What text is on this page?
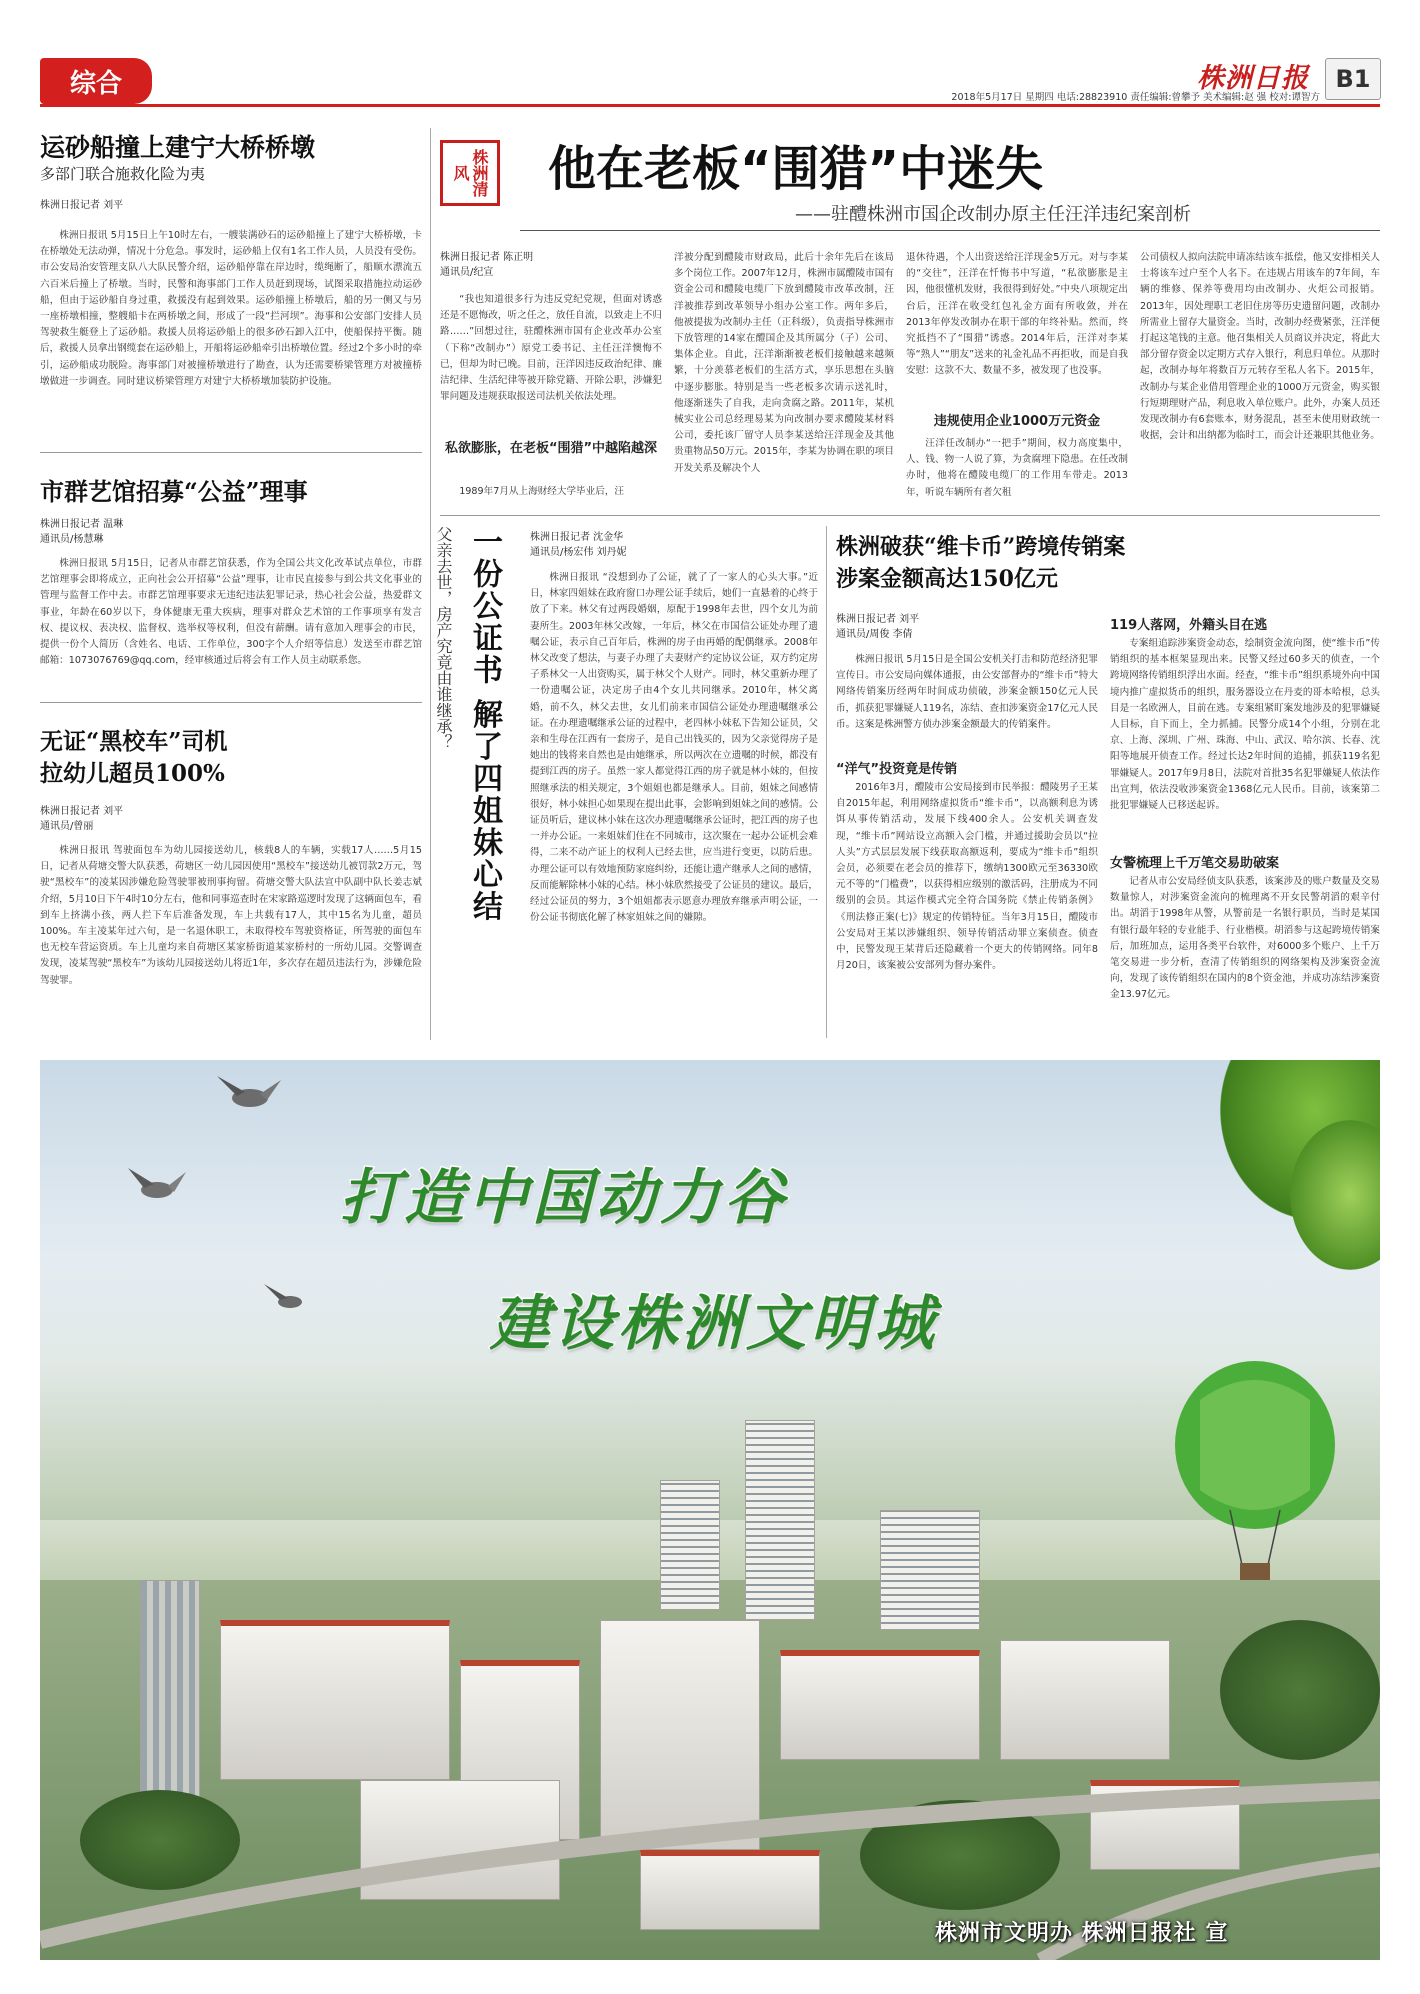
综合	株洲日报	B1
2018年5月17日 星期四 电话:28823910 责任编辑:曾攀予 美术编辑:赵 强 校对:谭智方
运砂船撞上建宁大桥桥墩
多部门联合施救化险为夷
株洲日报记者 刘平
株洲日报讯 5月15日上午10时左右，一艘装满砂石的运砂船撞上了建宁大桥桥墩，卡在桥墩处无法动弹，情况十分危急。事发时，运砂船上仅有1名工作人员，人员没有受伤。市公安局治安管理支队八大队民警介绍，运砂船停靠在岸边时，缆绳断了，船顺水漂流五六百米后撞上了桥墩。当时，民警和海事部门工作人员赶到现场，试图采取措施拉动运砂船，但由于运砂船自身过重，救援没有起到效果。运砂船撞上桥墩后，船的另一侧又与另一座桥墩相撞，整艘船卡在两桥墩之间，形成了一段“拦河坝”。海事和公安部门安排人员驾驶救生艇登上了运砂船。救援人员将运砂船上的很多砂石卸入江中，使船保持平衡。随后，救援人员拿出钢缆套在运砂船上，开船将运砂船牵引出桥墩位置。经过2个多小时的牵引，运砂船成功脱险。海事部门对被撞桥墩进行了勘查，认为还需要桥梁管理方对被撞桥墩做进一步调查。同时建议桥梁管理方对建宁大桥桥墩加装防护设施。
市群艺馆招募“公益”理事
株洲日报记者 温琳
通讯员/杨慧琳
株洲日报讯 5月15日，记者从市群艺馆获悉，作为全国公共文化改革试点单位，市群艺馆理事会即将成立，正向社会公开招募“公益”理事，让市民直接参与到公共文化事业的管理与监督工作中去。市群艺馆理事要求无违纪违法犯罪记录，热心社会公益，热爱群文事业，年龄在60岁以下，身体健康无重大疾病，理事对群众艺术馆的工作事项享有发言权、提议权、表决权、监督权、选举权等权利，但没有薪酬。请有意加入理事会的市民，提供一份个人简历（含姓名、电话、工作单位，300字个人介绍等信息）发送至市群艺馆邮箱：1073076769@qq.com，经审核通过后将会有工作人员主动联系您。
无证“黑校车”司机
拉幼儿超员100%
株洲日报记者 刘平
通讯员/曾丽
株洲日报讯 驾驶面包车为幼儿园接送幼儿，核载8人的车辆，实载17人……5月15日，记者从荷塘交警大队获悉，荷塘区一幼儿园因使用“黑校车”接送幼儿被罚款2万元，驾驶“黑校车”的凌某因涉嫌危险驾驶罪被刑事拘留。荷塘交警大队法宣中队副中队长姜志斌介绍，5月10日下午4时10分左右，他和同事巡查时在宋家路巡逻时发现了这辆面包车，看到车上挤满小孩，两人拦下车后准备发现，车上共载有17人，其中15名为儿童，超员100%。车主凌某年过六旬，是一名退休职工，未取得校车驾驶资格证，所驾驶的面包车也无校车营运资质。车上儿童均来自荷塘区某家桥街道某家桥村的一所幼儿园。交警调查发现，凌某驾驶“黑校车”为该幼儿园接送幼儿将近1年，多次存在超员违法行为，涉嫌危险驾驶罪。
株洲清风	他在老板“围猎”中迷失
——驻醴株洲市国企改制办原主任汪洋违纪案剖析
株洲日报记者 陈正明
通讯员/纪宣
“我也知道很多行为违反党纪党规，但面对诱惑还是不愿悔改，听之任之，放任自流，以致走上不归路……”回想过往，驻醴株洲市国有企业改革办公室（下称“改制办”）原党工委书记、主任汪洋懊悔不已，但却为时已晚。目前，汪洋因违反政治纪律、廉洁纪律、生活纪律等被开除党籍、开除公职，涉嫌犯罪问题及违规获取报送司法机关依法处理。
私欲膨胀，在老板“围猎”中越陷越深
1989年7月从上海财经大学毕业后，汪
洋被分配到醴陵市财政局，此后十余年先后在该局多个岗位工作。2007年12月，株洲市属醴陵市国有资金公司和醴陵电缆厂下放到醴陵市改革改制，汪洋被推荐到改革领导小组办公室工作。两年多后，他被提拔为改制办主任（正科级），负责指导株洲市下放管理的14家在醴国企及其所属分（子）公司、集体企业。自此，汪洋渐渐被老板们接触越来越频繁，十分羡慕老板们的生活方式，享乐思想在头脑中逐步膨胀。特别是当一些老板多次请示送礼时，他逐渐迷失了自我，走向贪腐之路。2011年，某机械实业公司总经理易某为向改制办要求醴陵某材料公司，委托该厂留守人员李某送给汪洋现金及其他贵重物品50万元。2015年，李某为协调在职的项目开发关系及解决个人
退休待遇，个人出资送给汪洋现金5万元。对与李某的“交往”，汪洋在忏悔书中写道，“私欲膨胀是主因，他很懂机发财，我很得到好处。”中央八项规定出台后，汪洋在收受红包礼金方面有所收敛，并在2013年停发改制办在职干部的年终补贴。然而，终究抵挡不了“围猎”诱惑。2014年后，汪洋对李某等“熟人”“朋友”送来的礼金礼品不再拒收，而是自我安慰：这款不大、数量不多，被发现了也没事。
违规使用企业1000万元资金
汪洋任改制办“一把手”期间，权力高度集中，人、钱、物一人说了算，为贪腐埋下隐患。在任改制办时，他将在醴陵电缆厂的工作用车带走。2013年，听说车辆所有者欠租
公司债权人拟向法院申请冻结该车抵偿，他又安排相关人士将该车过户至个人名下。在违规占用该车的7年间，车辆的维修、保养等费用均由改制办、火炬公司报销。2013年，因处理职工老旧住房等历史遗留问题，改制办所需业上留存大量资金。当时，改制办经费紧张，汪洋便打起这笔钱的主意。他召集相关人员商议并决定，将此大部分留存资金以定期方式存入银行，利息归单位。从那时起，改制办每年将数百万元转存至私人名下。2015年，改制办与某企业借用管理企业的1000万元资金，购买银行短期理财产品，利息收入单位账户。此外，办案人员还发现改制办有6套账本，财务混乱，甚至未使用财政统一收据，会计和出纳都为临时工，而会计还兼职其他业务。
父亲去世，房产究竟由谁继承？ 一份公证书 解了四姐妹心结	株洲日报记者 沈金华
通讯员/杨宏伟 刘丹妮
株洲日报讯 “没想到办了公证，就了了一家人的心头大事。”近日，林家四姐妹在政府窗口办理公证手续后，她们一直悬着的心终于放了下来。林父有过两段婚姻，原配于1998年去世，四个女儿为前妻所生。2003年林父改嫁，一年后，林父在市国信公证处办理了遗嘱公证，表示自己百年后，株洲的房子由再婚的配偶继承。2008年林父改变了想法，与妻子办理了夫妻财产约定协议公证，双方约定房子系林父一人出资购买，属于林父个人财产。同时，林父重新办理了一份遗嘱公证，决定房子由4个女儿共同继承。2010年，林父离婚，前不久，林父去世，女儿们前来市国信公证处办理遗嘱继承公证。在办理遗嘱继承公证的过程中，老四林小妹私下告知公证员，父亲和生母在江西有一套房子，是自己出钱买的，因为父亲觉得房子是她出的钱将来自然也是由她继承，所以两次在立遗嘱的时候，都没有提到江西的房子。虽然一家人都觉得江西的房子就是林小妹的，但按照继承法的相关规定，3个姐姐也都是继承人。目前，姐妹之间感情很好，林小妹担心如果现在提出此事，会影响到姐妹之间的感情。公证员听后，建议林小妹在这次办理遗嘱继承公证时，把江西的房子也一并办公证。一来姐妹们住在不同城市，这次聚在一起办公证机会难得，二来不动产证上的权利人已经去世，应当进行变更，以防后患。办理公证可以有效地预防家庭纠纷，还能让遗产继承人之间的感情，反而能解除林小妹的心结。林小妹欣然接受了公证员的建议。最后，经过公证员的努力，3个姐姐都表示愿意办理放弃继承声明公证，一份公证书彻底化解了林家姐妹之间的嫌隙。
株洲破获“维卡币”跨境传销案
涉案金额高达150亿元
株洲日报记者 刘平
通讯员/周俊 李倩
株洲日报讯 5月15日是全国公安机关打击和防范经济犯罪宣传日。市公安局向媒体通报，由公安部督办的“维卡币”特大网络传销案历经两年时间成功侦破，涉案金额150亿元人民币，抓获犯罪嫌疑人119名，冻结、查扣涉案资金17亿元人民币。这案是株洲警方侦办涉案金额最大的传销案件。
“洋气”投资竟是传销
2016年3月，醴陵市公安局接到市民举报：醴陵男子王某自2015年起，利用网络虚拟货币“维卡币”，以高额利息为诱饵从事传销活动，发展下线400余人。公安机关调查发现，“维卡币”网站设立高额入会门槛，并通过援助会员以“拉人头”方式层层发展下线获取高额返利，要成为“维卡币”组织会员，必须要在老会员的推荐下，缴纳1300欧元至36330欧元不等的“门槛费”，以获得相应级别的激活码，注册成为不同级别的会员。其运作模式完全符合国务院《禁止传销条例》《刑法修正案(七)》规定的传销特征。当年3月15日，醴陵市公安局对王某以涉嫌组织、领导传销活动罪立案侦查。侦查中，民警发现王某背后还隐藏着一个更大的传销网络。同年8月20日，该案被公安部列为督办案件。
119人落网，外籍头目在逃
专案组追踪涉案资金动态，绘制资金流向图，使“维卡币”传销组织的基本框架显现出来。民警又经过60多天的侦查，一个跨境网络传销组织浮出水面。经查，“维卡币”组织系境外向中国境内推广虚拟货币的组织，服务器设立在丹麦的哥本哈根，总头目是一名欧洲人，目前在逃。专案组紧盯案发地涉及的犯罪嫌疑人目标，自下而上，全力抓捕。民警分成14个小组，分别在北京、上海、深圳、广州、珠海、中山、武汉、哈尔滨、长春、沈阳等地展开侦查工作。经过长达2年时间的追捕，抓获119名犯罪嫌疑人。2017年9月8日，法院对首批35名犯罪嫌疑人依法作出宣判，依法没收涉案资金1368亿元人民币。目前，该案第二批犯罪嫌疑人已移送起诉。
女警梳理上千万笔交易助破案
记者从市公安局经侦支队获悉，该案涉及的账户数量及交易数量惊人，对涉案资金流向的梳理离不开女民警胡滔的艰辛付出。胡滔于1998年从警，从警前是一名银行职员，当时是某国有银行最年轻的专业能手、行业楷模。胡滔参与这起跨境传销案后，加班加点，运用各类平台软件，对6000多个账户、上千万笔交易进一步分析，查清了传销组织的网络架构及涉案资金流向，发现了该传销组织在国内的8个资金池，并成功冻结涉案资金13.97亿元。
打造中国动力谷
建设株洲文明城
株洲市文明办 株洲日报社 宣
